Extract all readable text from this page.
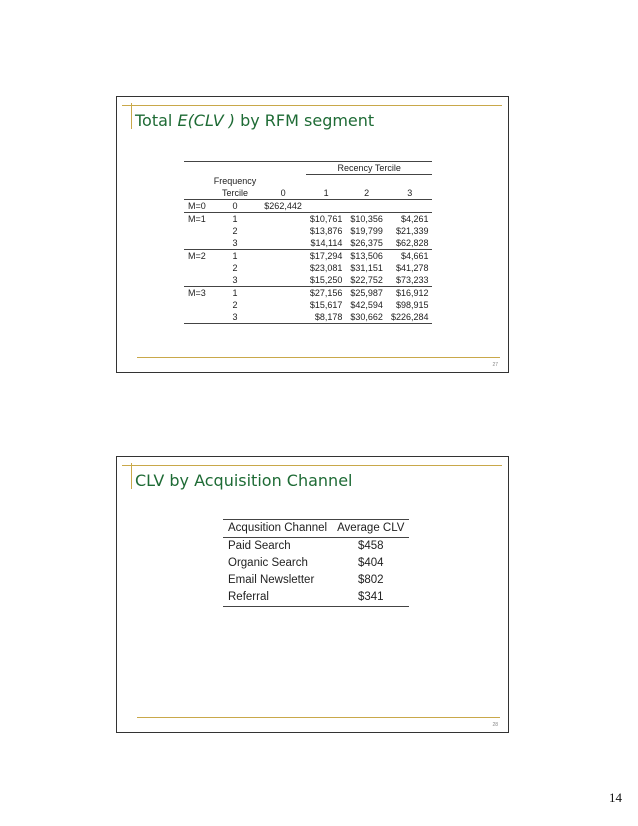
Total E(CLV ) by RFM segment
			Recency Tercile		
	Frequency				
	Tercile	0	1	2	3
M=0	0	$262,442			
M=1	1		$10,761	$10,356	$4,261
	2		$13,876	$19,799	$21,339
	3		$14,114	$26,375	$62,828
M=2	1		$17,294	$13,506	$4,661
	2		$23,081	$31,151	$41,278
	3		$15,250	$22,752	$73,233
M=3	1		$27,156	$25,987	$16,912
	2		$15,617	$42,594	$98,915
	3		$8,178	$30,662	$226,284
27
CLV by Acquisition Channel
Acqusition Channel	Average CLV
Paid Search	$458
Organic Search	$404
Email Newsletter	$802
Referral	$341
28
14
